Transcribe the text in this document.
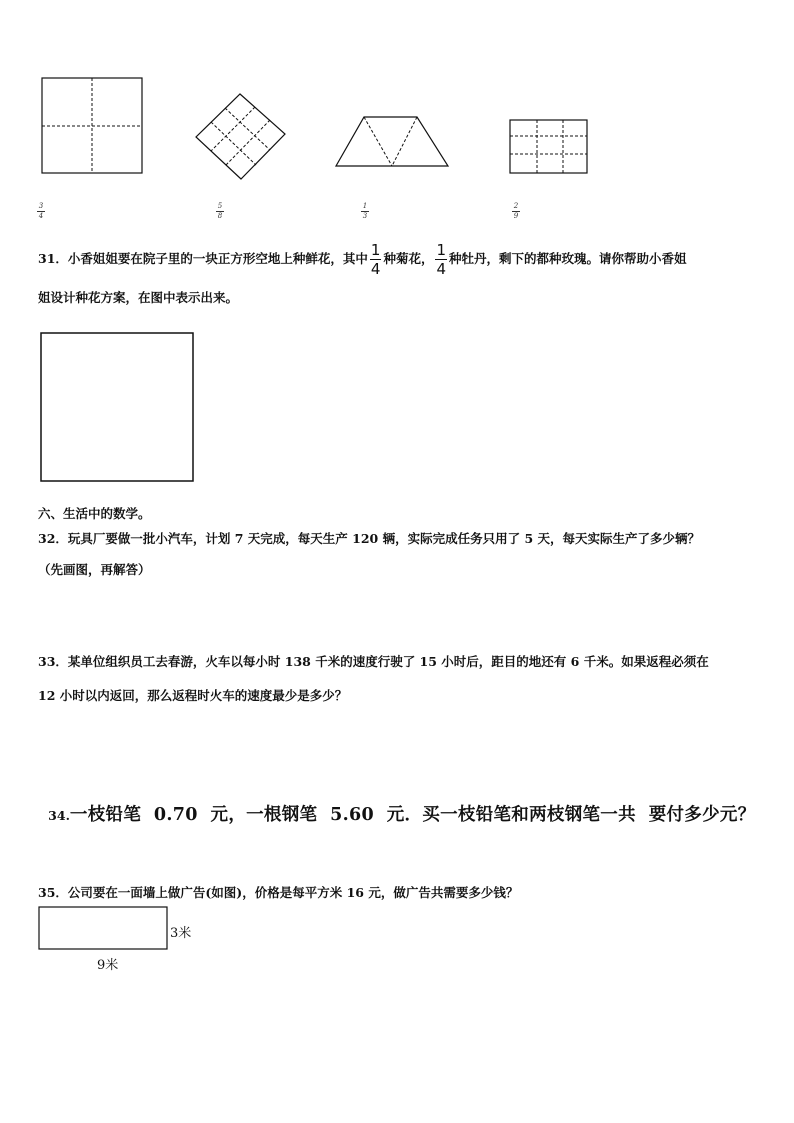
$\frac{3}{4}$	$\frac{5}{8}$	$\frac{1}{3}$	$\frac{2}{9}$
31．小香姐姐要在院子里的一块正方形空地上种鲜花，其中 $\frac{1}{4}$ 种菊花， $\frac{1}{4}$ 种牡丹，剩下的都种玫瑰。请你帮助小香姐
姐设计种花方案，在图中表示出来。
六、生活中的数学。
32．玩具厂要做一批小汽车，计划 7 天完成，每天生产 120 辆，实际完成任务只用了 5 天，每天实际生产了多少辆？
（先画图，再解答）
33．某单位组织员工去春游，火车以每小时 138 千米的速度行驶了 15 小时后，距目的地还有 6 千米。如果返程必须在
12 小时以内返回，那么返程时火车的速度最少是多少？

34.一枝铅笔  0.70  元，一根钢笔  5.60  元．买一枝铅笔和两枝钢笔一共  要付多少元？

35．公司要在一面墙上做广告(如图)，价格是每平方米 16 元，做广告共需要多少钱？
3米
9米
